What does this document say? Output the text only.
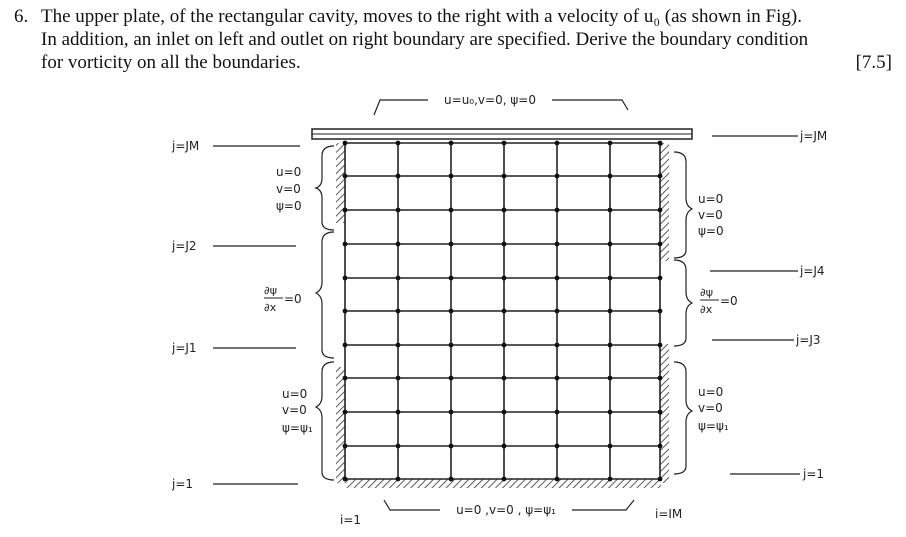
6. The upper plate, of the rectangular cavity, moves to the right with a velocity of u₀ (as shown in Fig).
In addition, an inlet on left and outlet on right boundary are specified. Derive the boundary condition
for vorticity on all the boundaries.	[7.5]
u=u₀,v=0, ψ=0
j=JM
j=J2
j=J1
j=1
u=0
v=0
ψ=0
∂ψ
∂x
=0
u=0
v=0
ψ=ψ₁
j=JM
j=J4
j=J3
j=1
u=0
v=0
ψ=0
∂ψ
∂x
=0
u=0
v=0
ψ=ψ₁
u=0 ,v=0 , ψ=ψ₁
i=1	i=IM
